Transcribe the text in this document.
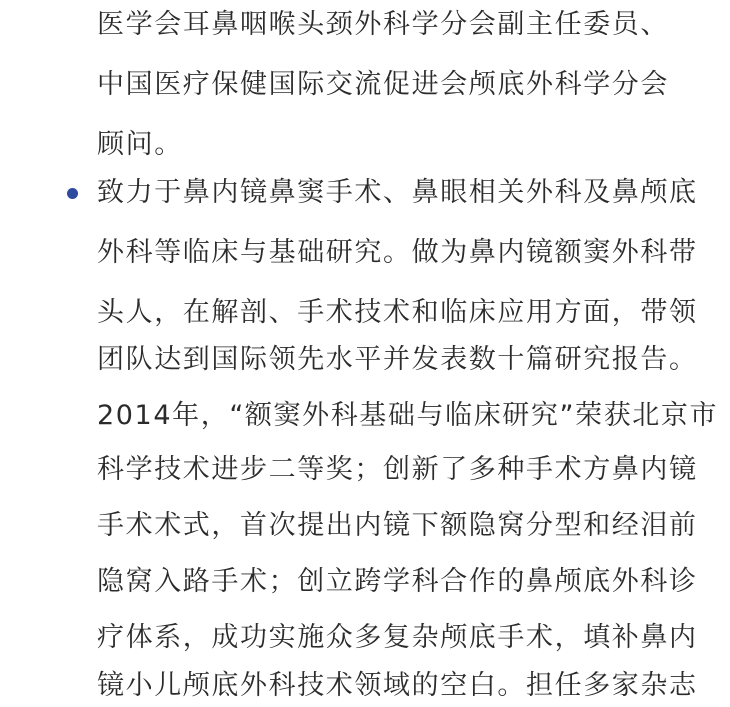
医学会耳鼻咽喉头颈外科学分会副主任委员、

中国医疗保健国际交流促进会颅底外科学分会

顾问。

致力于鼻内镜鼻窦手术、鼻眼相关外科及鼻颅底

外科等临床与基础研究。做为鼻内镜额窦外科带

头人，在解剖、手术技术和临床应用方面，带领

团队达到国际领先水平并发表数十篇研究报告。

2014年，“额窦外科基础与临床研究”荣获北京市

科学技术进步二等奖；创新了多种手术方鼻内镜

手术术式，首次提出内镜下额隐窝分型和经泪前

隐窝入路手术；创立跨学科合作的鼻颅底外科诊

疗体系，成功实施众多复杂颅底手术，填补鼻内

镜小儿颅底外科技术领域的空白。担任多家杂志
